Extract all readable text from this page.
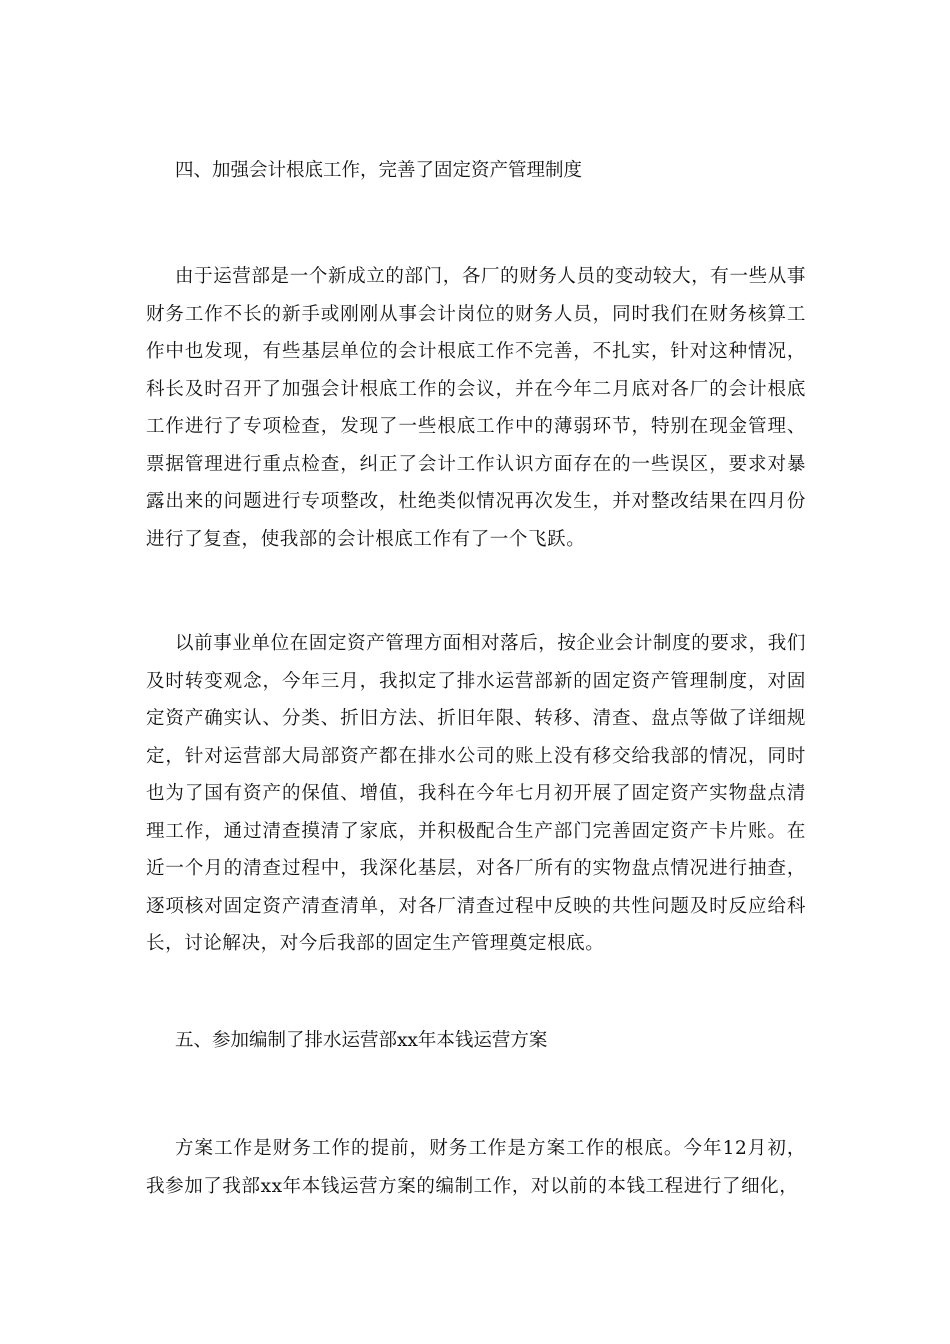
四、加强会计根底工作，完善了固定资产管理制度
由于运营部是一个新成立的部门，各厂的财务人员的变动较大，有一些从事财务工作不长的新手或刚刚从事会计岗位的财务人员，同时我们在财务核算工作中也发现，有些基层单位的会计根底工作不完善，不扎实，针对这种情况，科长及时召开了加强会计根底工作的会议，并在今年二月底对各厂的会计根底工作进行了专项检查，发现了一些根底工作中的薄弱环节，特别在现金管理、票据管理进行重点检查，纠正了会计工作认识方面存在的一些误区，要求对暴露出来的问题进行专项整改，杜绝类似情况再次发生，并对整改结果在四月份进行了复查，使我部的会计根底工作有了一个飞跃。
以前事业单位在固定资产管理方面相对落后，按企业会计制度的要求，我们及时转变观念，今年三月，我拟定了排水运营部新的固定资产管理制度，对固定资产确实认、分类、折旧方法、折旧年限、转移、清查、盘点等做了详细规定，针对运营部大局部资产都在排水公司的账上没有移交给我部的情况，同时也为了国有资产的保值、增值，我科在今年七月初开展了固定资产实物盘点清理工作，通过清查摸清了家底，并积极配合生产部门完善固定资产卡片账。在近一个月的清查过程中，我深化基层，对各厂所有的实物盘点情况进行抽查，逐项核对固定资产清查清单，对各厂清查过程中反映的共性问题及时反应给科长，讨论解决，对今后我部的固定生产管理奠定根底。
五、参加编制了排水运营部xx年本钱运营方案
方案工作是财务工作的提前，财务工作是方案工作的根底。今年12月初，我参加了我部xx年本钱运营方案的编制工作，对以前的本钱工程进行了细化，
